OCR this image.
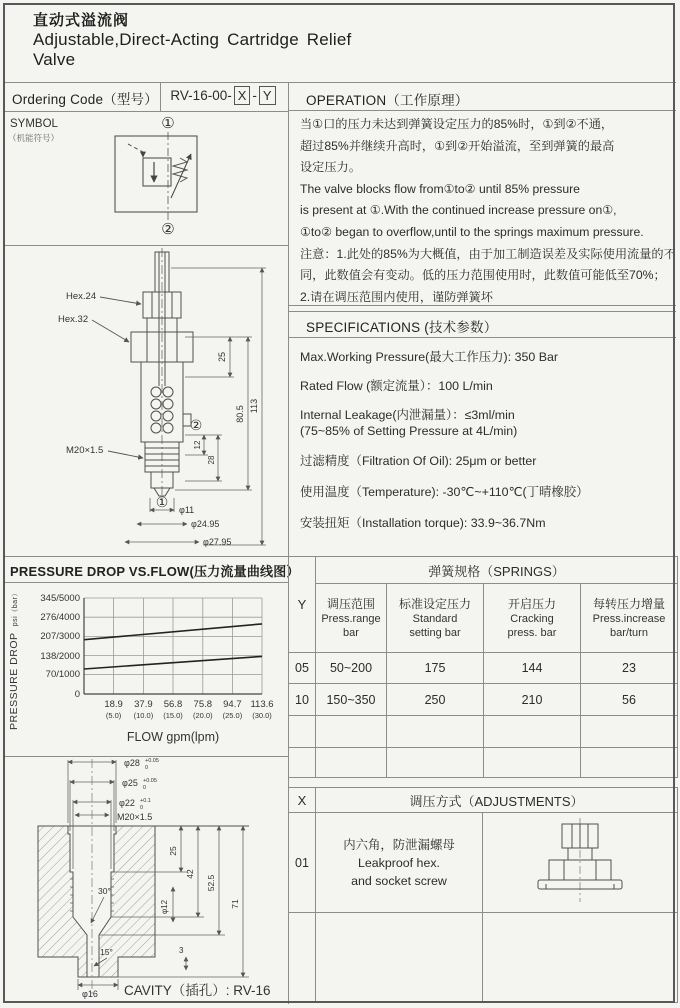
直动式溢流阀
Adjustable,Direct-Acting Cartridge Relief
Valve
Ordering Code（型号） RV-16-00- X - Y
SYMBOL
（机能符号）
①
②
Hex.24
Hex.32
M20×1.5
②
①
25
80.5 113
12
28
φ11
φ24.95
φ27.95
OPERATION（工作原理）
当①口的压力未达到弹簧设定压力的85%时，①到②不通，
超过85%并继续升高时，①到②开始溢流，至到弹簧的最高
设定压力。
The valve blocks flow from①to② until 85% pressure
is present at ①.With the continued increase pressure on①,
①to② began to overflow,until to the springs maximum pressure.
注意：1.此处的85%为大概值，由于加工制造误差及实际使用流量的不
同，此数值会有变动。低的压力范围使用时，此数值可能低至70%；
2.请在调压范围内使用，谨防弹簧坏
SPECIFICATIONS (技术参数）
Max.Working Pressure(最大工作压力): 350 Bar
Rated Flow (额定流量）：100 L/min
Internal Leakage(内泄漏量）：≤3ml/min
(75~85% of Setting Pressure at 4L/min)
过滤精度（Filtration Of Oil): 25μm or better
使用温度（Temperature): -30℃~+110℃(丁晴橡胶）
安装扭矩（Installation torque): 33.9~36.7Nm
PRESSURE DROP VS.FLOW(压力流量曲线图）
345/5000
276/4000
207/3000
138/2000
70/1000
0
18.9 37.9 56.8 75.8 94.7 113.6
(5.0) (10.0) (15.0) (20.0) (25.0) (30.0)
PRESSURE DROP psi（bar）
FLOW gpm(lpm)
φ28 +0.05
0
φ25 +0.05
0
φ22 +0.1
0
M20×1.5
25
42
52.5
71
φ12
3
30°
15°
φ16 CAVITY（插孔）: RV-16
Y	弹簧规格（SPRINGS）			

调压范围
Press.range
bar

标准设定压力
Standard
setting bar

开启压力
Cracking
press. bar

每转压力增量
Press.increase
bar/turn

05	50~200	175	144	23
10	150~350	250	210	56

X	调压方式（ADJUSTMENTS）	
01	内六角，防泄漏螺母
Leakproof hex.
and socket screw
